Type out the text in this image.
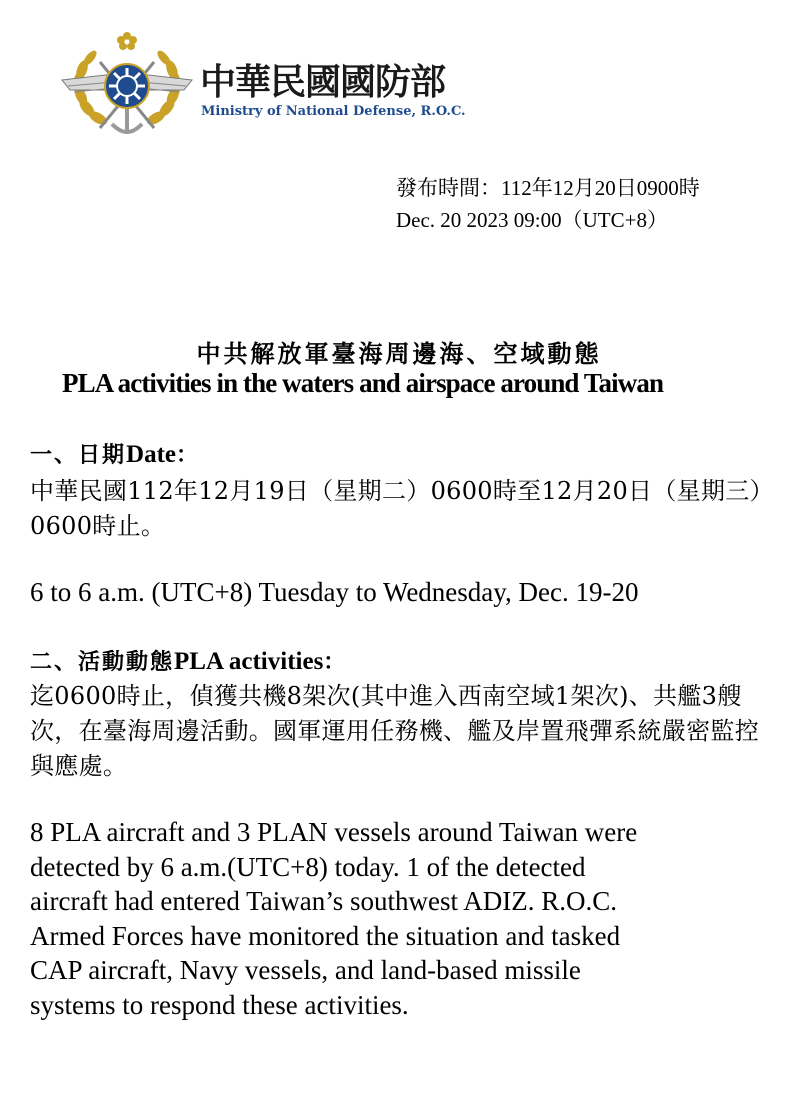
中華民國國防部
Ministry of National Defense, R.O.C.
發布時間：112年12月20日0900時
Dec. 20 2023 09:00（UTC+8）
中共解放軍臺海周邊海、空域動態
PLA activities in the waters and airspace around Taiwan
一、日期Date：
中華民國112年12月19日（星期二）0600時至12月20日（星期三）0600時止。
6 to 6 a.m. (UTC+8) Tuesday to Wednesday, Dec. 19-20
二、活動動態PLA activities：
迄0600時止，偵獲共機8架次(其中進入西南空域1架次)、共艦3艘次，在臺海周邊活動。國軍運用任務機、艦及岸置飛彈系統嚴密監控與應處。
8 PLA aircraft and 3 PLAN vessels around Taiwan were
detected by 6 a.m.(UTC+8) today. 1 of the detected
aircraft had entered Taiwan’s southwest ADIZ. R.O.C.
Armed Forces have monitored the situation and tasked
CAP aircraft, Navy vessels, and land-based missile
systems to respond these activities.
